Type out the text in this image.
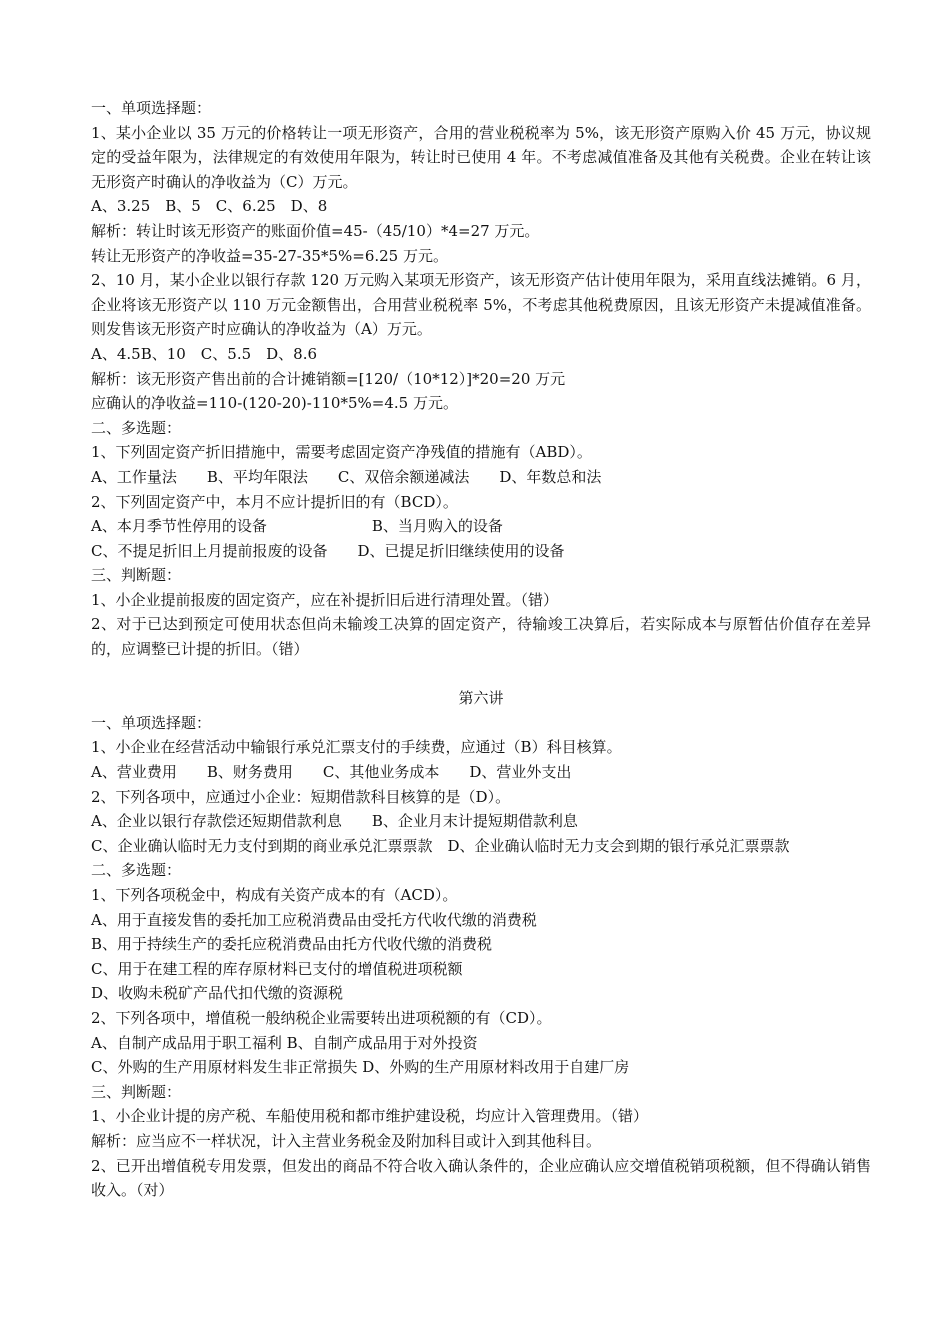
一、单项选择题：
1、某小企业以 35 万元的价格转让一项无形资产，合用的营业税税率为 5%，该无形资产原购入价 45 万元，协议规定的受益年限为，法律规定的有效使用年限为，转让时已使用 4 年。不考虑减值准备及其他有关税费。企业在转让该无形资产时确认的净收益为（C）万元。
A、3.25　B、5　C、6.25　D、8
解析：转让时该无形资产的账面价值=45-（45/10）*4=27 万元。
转让无形资产的净收益=35-27-35*5%=6.25 万元。
2、10 月，某小企业以银行存款 120 万元购入某项无形资产，该无形资产估计使用年限为，采用直线法摊销。6 月，企业将该无形资产以 110 万元金额售出，合用营业税税率 5%，不考虑其他税费原因，且该无形资产未提减值准备。则发售该无形资产时应确认的净收益为（A）万元。
A、4.5B、10　C、5.5　D、8.6
解析：该无形资产售出前的合计摊销额=[120/（10*12）]*20=20 万元
应确认的净收益=110-(120-20)-110*5%=4.5 万元。
二、多选题：
1、下列固定资产折旧措施中，需要考虑固定资产净残值的措施有（ABD）。
A、工作量法　　B、平均年限法　　C、双倍余额递减法　　D、年数总和法
2、下列固定资产中，本月不应计提折旧的有（BCD）。
A、本月季节性停用的设备　　　　　　　B、当月购入的设备
C、不提足折旧上月提前报废的设备　　D、已提足折旧继续使用的设备
三、判断题：
1、小企业提前报废的固定资产，应在补提折旧后进行清理处置。（错）
2、对于已达到预定可使用状态但尚未输竣工决算的固定资产，待输竣工决算后，若实际成本与原暂估价值存在差异的，应调整已计提的折旧。（错）
第六讲
一、单项选择题：
1、小企业在经营活动中输银行承兑汇票支付的手续费，应通过（B）科目核算。
A、营业费用　　B、财务费用　　C、其他业务成本　　D、营业外支出
2、下列各项中，应通过小企业：短期借款科目核算的是（D）。
A、企业以银行存款偿还短期借款利息　　B、企业月末计提短期借款利息
C、企业确认临时无力支付到期的商业承兑汇票票款　D、企业确认临时无力支会到期的银行承兑汇票票款
二、多选题：
1、下列各项税金中，构成有关资产成本的有（ACD）。
A、用于直接发售的委托加工应税消费品由受托方代收代缴的消费税
B、用于持续生产的委托应税消费品由托方代收代缴的消费税
C、用于在建工程的库存原材料已支付的增值税进项税额
D、收购未税矿产品代扣代缴的资源税
2、下列各项中，增值税一般纳税企业需要转出进项税额的有（CD）。
A、自制产成品用于职工福利 B、自制产成品用于对外投资
C、外购的生产用原材料发生非正常损失 D、外购的生产用原材料改用于自建厂房
三、判断题：
1、小企业计提的房产税、车船使用税和都市维护建设税，均应计入管理费用。（错）
解析：应当应不一样状况，计入主营业务税金及附加科目或计入到其他科目。
2、已开出增值税专用发票，但发出的商品不符合收入确认条件的，企业应确认应交增值税销项税额，但不得确认销售收入。（对）
